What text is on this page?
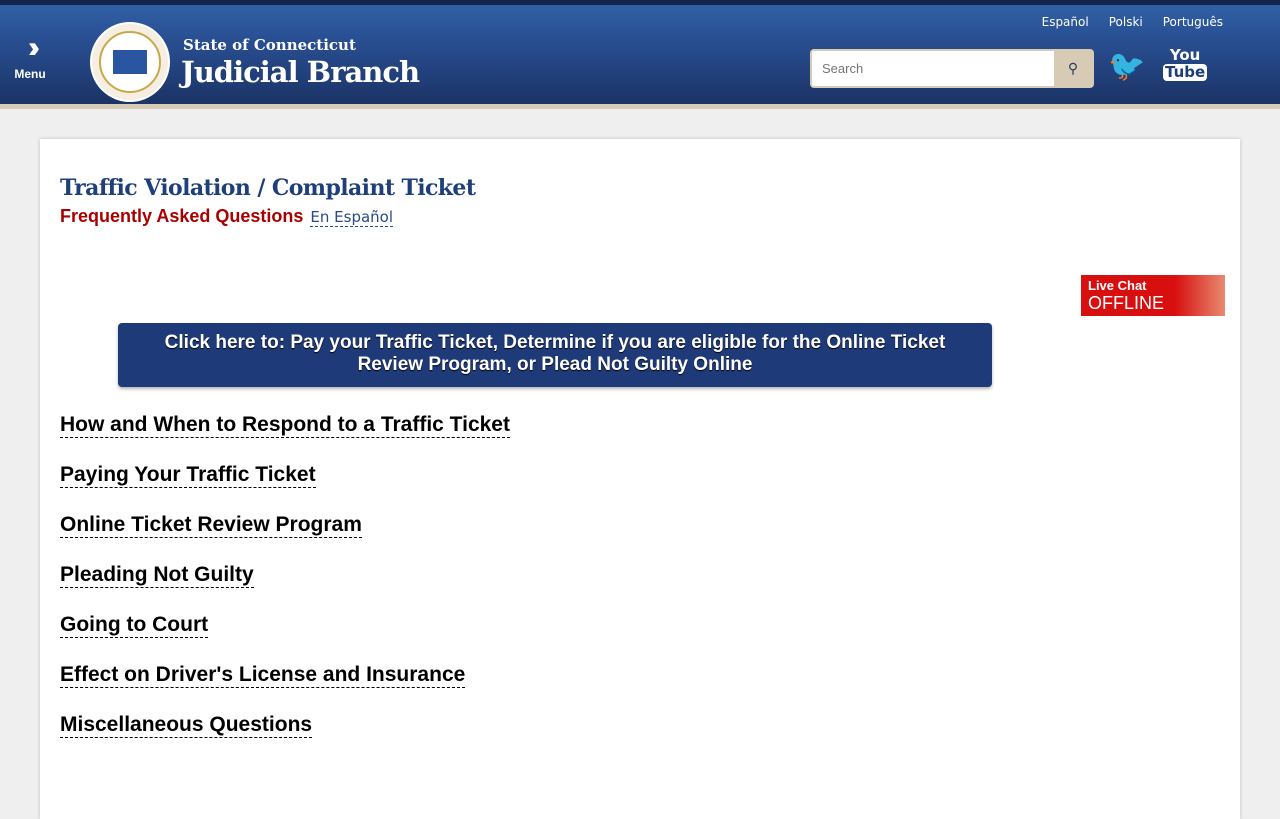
››
Menu
State of Connecticut
Judicial Branch
Español Polski Português
Search
⚲ 🐦	You
Tube
Traffic Violation / Complaint Ticket
Frequently Asked Questions En Español
Live Chat
OFFLINE
Click here to: Pay your Traffic Ticket, Determine if you are eligible for the Online Ticket Review Program, or Plead Not Guilty Online
How and When to Respond to a Traffic Ticket
Paying Your Traffic Ticket
Online Ticket Review Program
Pleading Not Guilty
Going to Court
Effect on Driver's License and Insurance
Miscellaneous Questions
